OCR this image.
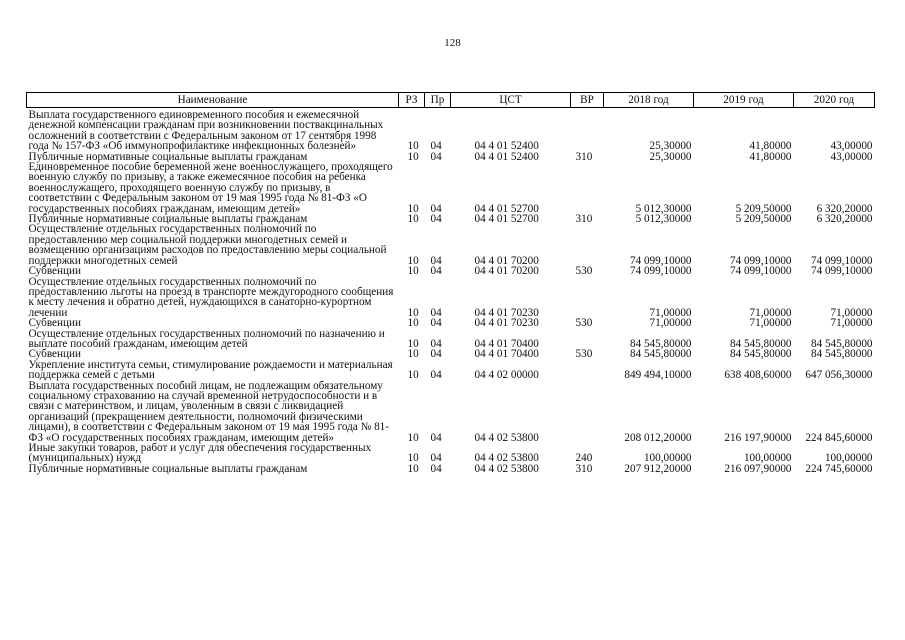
128
Наименование	РЗ	Пр	ЦСТ	ВР	2018 год	2019 год	2020 год
Выплата государственного единовременного пособия и ежемесячной денежной компенсации гражданам при возникновении поствакцинальных осложнений в соответствии с Федеральным законом от 17 сентября 1998 года № 157-ФЗ «Об иммунопрофилактике инфекционных болезней»	10	04	04 4 01 52400		25,30000	41,80000	43,00000
Публичные нормативные социальные выплаты гражданам	10	04	04 4 01 52400	310	25,30000	41,80000	43,00000
Единовременное пособие беременной жене военнослужащего, проходящего военную службу по призыву, а также ежемесячное пособия на ребенка военнослужащего, проходящего военную службу по призыву, в соответствии с Федеральным законом от 19 мая 1995 года № 81-ФЗ «О государственных пособиях гражданам, имеющим детей»	10	04	04 4 01 52700		5 012,30000	5 209,50000	6 320,20000
Публичные нормативные социальные выплаты гражданам	10	04	04 4 01 52700	310	5 012,30000	5 209,50000	6 320,20000
Осуществление отдельных государственных полномочий по предоставлению мер социальной поддержки многодетных семей и возмещению организациям расходов по предоставлению меры социальной поддержки многодетных семей	10	04	04 4 01 70200		74 099,10000	74 099,10000	74 099,10000
Субвенции	10	04	04 4 01 70200	530	74 099,10000	74 099,10000	74 099,10000
Осуществление отдельных государственных полномочий по предоставлению льготы на проезд в транспорте междугородного сообщения к месту лечения и обратно детей, нуждающихся в санаторно-курортном лечении	10	04	04 4 01 70230		71,00000	71,00000	71,00000
Субвенции	10	04	04 4 01 70230	530	71,00000	71,00000	71,00000
Осуществление отдельных государственных полномочий по назначению и выплате пособий гражданам, имеющим детей	10	04	04 4 01 70400		84 545,80000	84 545,80000	84 545,80000
Субвенции	10	04	04 4 01 70400	530	84 545,80000	84 545,80000	84 545,80000
Укрепление института семьи, стимулирование рождаемости и материальная поддержка семей с детьми	10	04	04 4 02 00000		849 494,10000	638 408,60000	647 056,30000
Выплата государственных пособий лицам, не подлежащим обязательному социальному страхованию на случай временной нетрудоспособности и в связи с материнством, и лицам, уволенным в связи с ликвидацией организаций (прекращением деятельности, полномочий физическими лицами), в соответствии с Федеральным законом от 19 мая 1995 года № 81-ФЗ «О государственных пособиях гражданам, имеющим детей»	10	04	04 4 02 53800		208 012,20000	216 197,90000	224 845,60000
Иные закупки товаров, работ и услуг для обеспечения государственных (муниципальных) нужд	10	04	04 4 02 53800	240	100,00000	100,00000	100,00000
Публичные нормативные социальные выплаты гражданам	10	04	04 4 02 53800	310	207 912,20000	216 097,90000	224 745,60000
